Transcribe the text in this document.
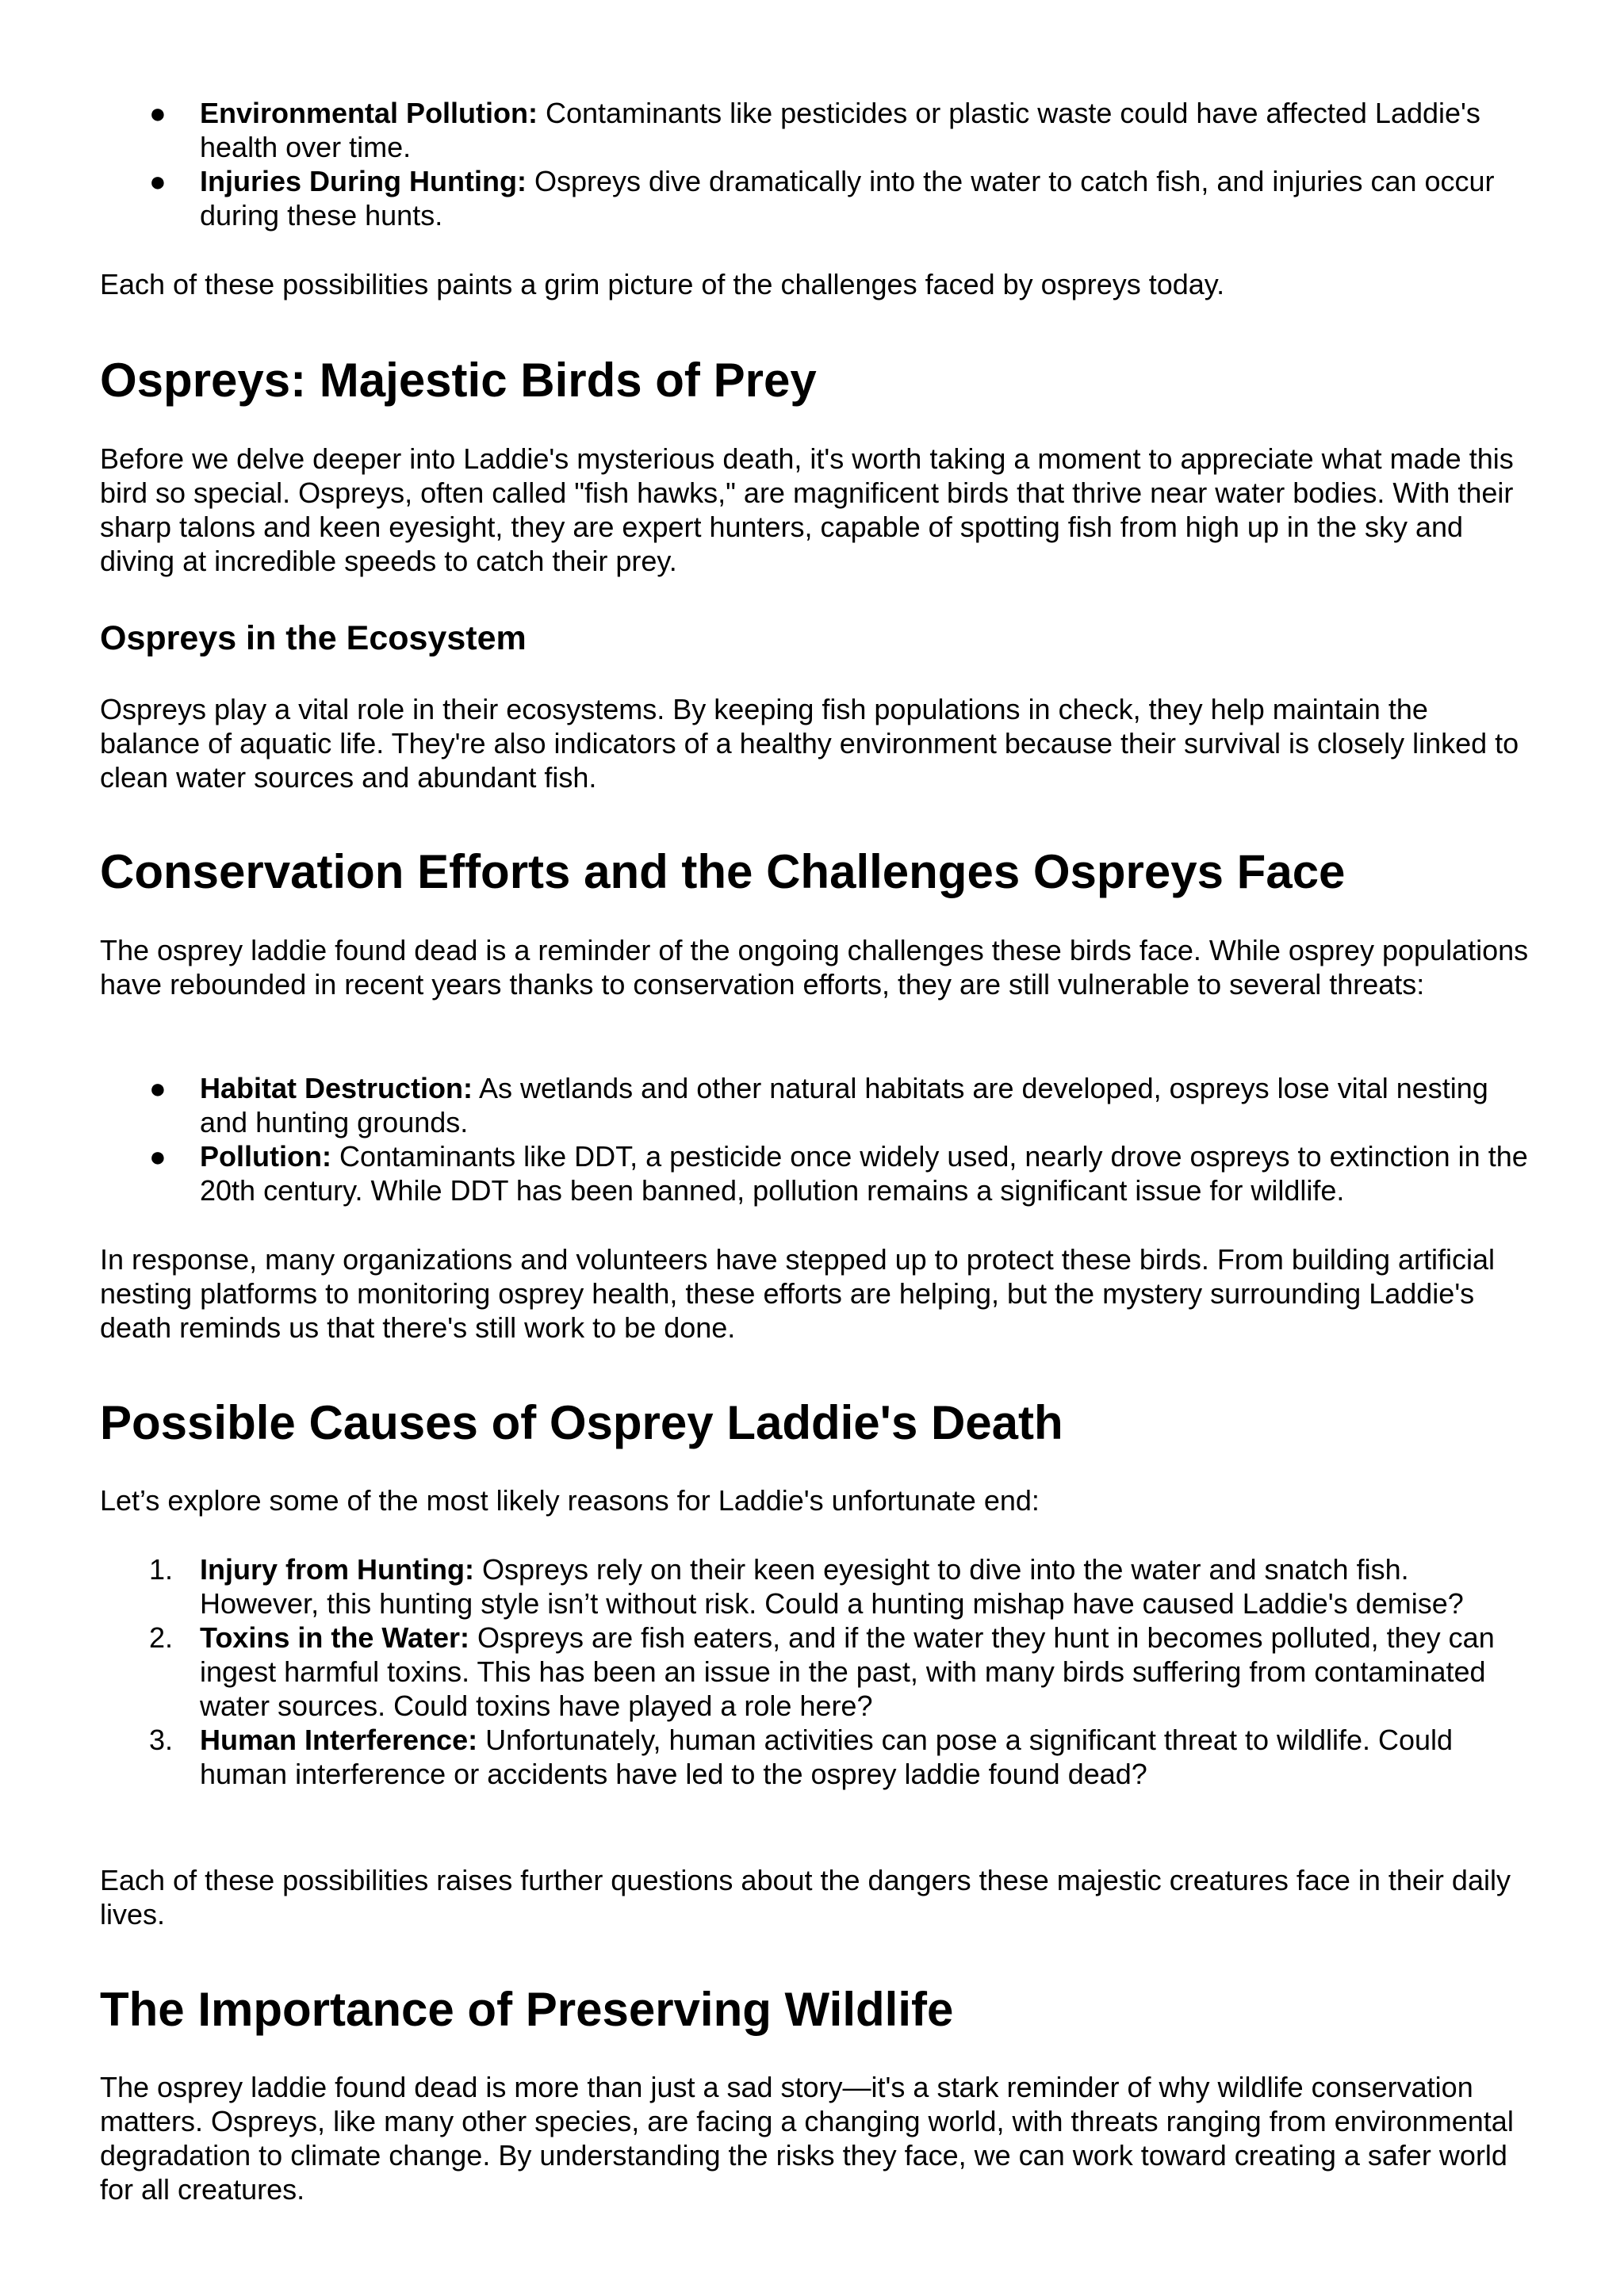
● Environmental Pollution: Contaminants like pesticides or plastic waste could have affected Laddie's health over time.
● Injuries During Hunting: Ospreys dive dramatically into the water to catch fish, and injuries can occur during these hunts.

Each of these possibilities paints a grim picture of the challenges faced by ospreys today.

Ospreys: Majestic Birds of Prey

Before we delve deeper into Laddie's mysterious death, it's worth taking a moment to appreciate what made this bird so special. Ospreys, often called "fish hawks," are magnificent birds that thrive near water bodies. With their sharp talons and keen eyesight, they are expert hunters, capable of spotting fish from high up in the sky and diving at incredible speeds to catch their prey.

Ospreys in the Ecosystem

Ospreys play a vital role in their ecosystems. By keeping fish populations in check, they help maintain the balance of aquatic life. They're also indicators of a healthy environment because their survival is closely linked to clean water sources and abundant fish.

Conservation Efforts and the Challenges Ospreys Face

The osprey laddie found dead is a reminder of the ongoing challenges these birds face. While osprey populations have rebounded in recent years thanks to conservation efforts, they are still vulnerable to several threats:

● Habitat Destruction: As wetlands and other natural habitats are developed, ospreys lose vital nesting and hunting grounds.
● Pollution: Contaminants like DDT, a pesticide once widely used, nearly drove ospreys to extinction in the 20th century. While DDT has been banned, pollution remains a significant issue for wildlife.

In response, many organizations and volunteers have stepped up to protect these birds. From building artificial nesting platforms to monitoring osprey health, these efforts are helping, but the mystery surrounding Laddie's death reminds us that there's still work to be done.

Possible Causes of Osprey Laddie's Death

Let’s explore some of the most likely reasons for Laddie's unfortunate end:

1. Injury from Hunting: Ospreys rely on their keen eyesight to dive into the water and snatch fish. However, this hunting style isn’t without risk. Could a hunting mishap have caused Laddie's demise?
2. Toxins in the Water: Ospreys are fish eaters, and if the water they hunt in becomes polluted, they can ingest harmful toxins. This has been an issue in the past, with many birds suffering from contaminated water sources. Could toxins have played a role here?
3. Human Interference: Unfortunately, human activities can pose a significant threat to wildlife. Could human interference or accidents have led to the osprey laddie found dead?

Each of these possibilities raises further questions about the dangers these majestic creatures face in their daily lives.

The Importance of Preserving Wildlife

The osprey laddie found dead is more than just a sad story—it's a stark reminder of why wildlife conservation matters. Ospreys, like many other species, are facing a changing world, with threats ranging from environmental degradation to climate change. By understanding the risks they face, we can work toward creating a safer world for all creatures.
